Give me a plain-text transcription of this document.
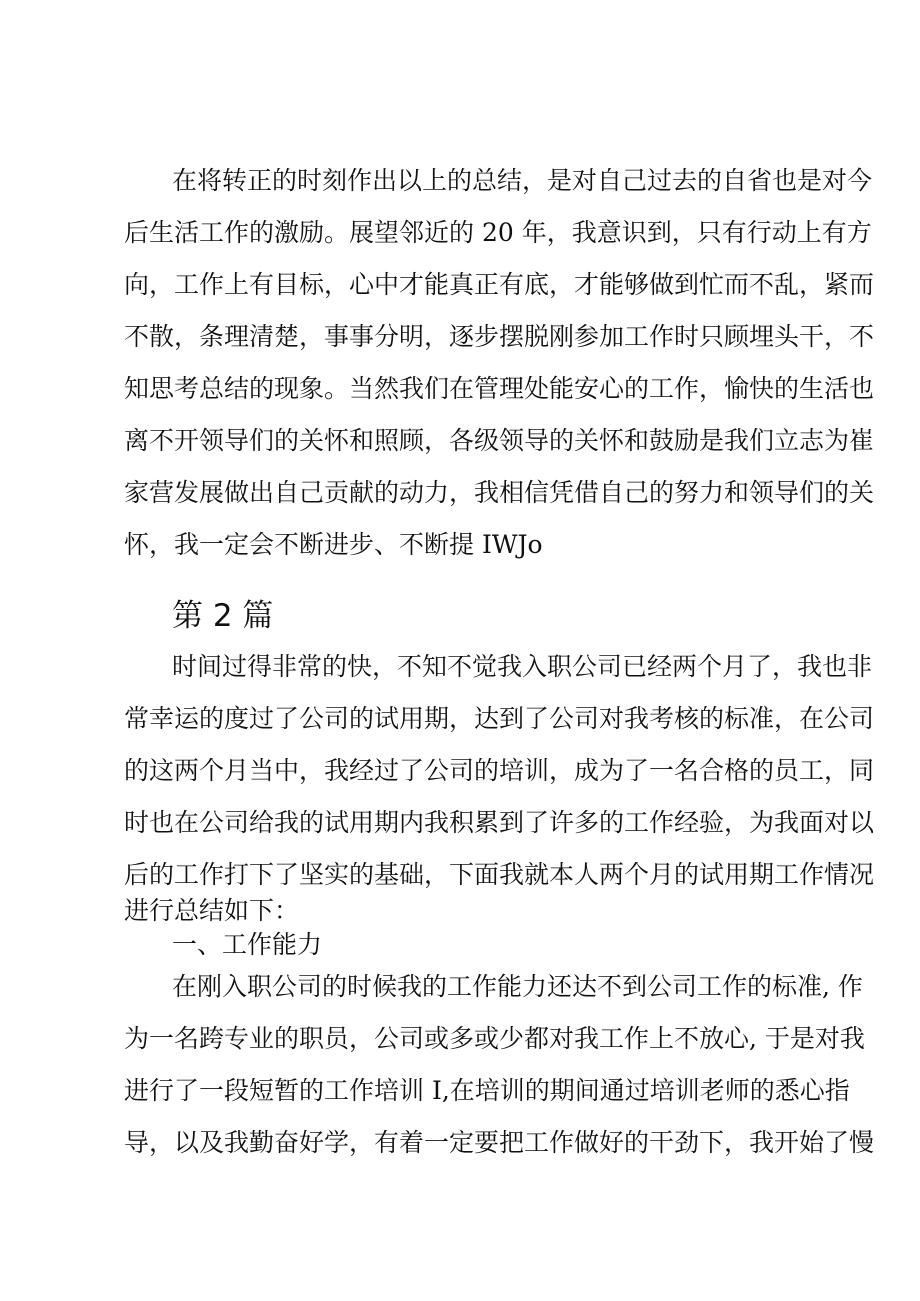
在将转正的时刻作出以上的总结，是对自己过去的自省也是对今
后生活工作的激励。展望邻近的 20 年，我意识到，只有行动上有方
向，工作上有目标，心中才能真正有底，才能够做到忙而不乱，紧而
不散，条理清楚，事事分明，逐步摆脱刚参加工作时只顾埋头干，不
知思考总结的现象。当然我们在管理处能安心的工作，愉快的生活也
离不开领导们的关怀和照顾，各级领导的关怀和鼓励是我们立志为崔
家营发展做出自己贡献的动力，我相信凭借自己的努力和领导们的关
怀，我一定会不断进步、不断提 IWJo
第 2 篇
时间过得非常的快，不知不觉我入职公司已经两个月了，我也非
常幸运的度过了公司的试用期，达到了公司对我考核的标准，在公司
的这两个月当中，我经过了公司的培训，成为了一名合格的员工，同
时也在公司给我的试用期内我积累到了许多的工作经验，为我面对以
后的工作打下了坚实的基础，下面我就本人两个月的试用期工作情况
进行总结如下：
一、工作能力
在刚入职公司的时候我的工作能力还达不到公司工作的标准, 作
为一名跨专业的职员，公司或多或少都对我工作上不放心, 于是对我
进行了一段短暂的工作培训 I,在培训的期间通过培训老师的悉心指
导，以及我勤奋好学，有着一定要把工作做好的干劲下，我开始了慢
